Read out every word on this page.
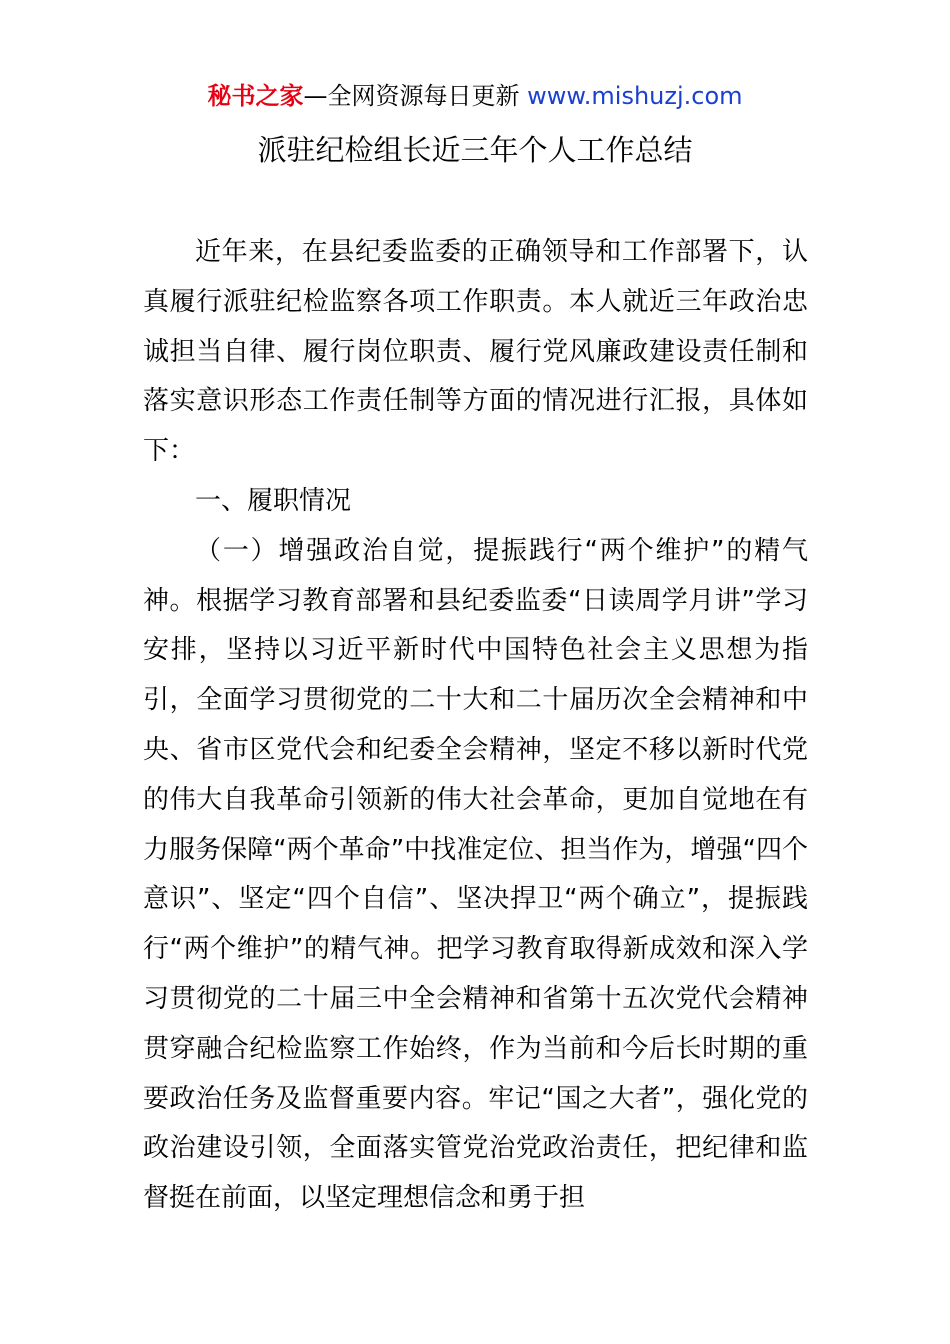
秘书之家—全网资源每日更新 www.mishuzj.com
派驻纪检组长近三年个人工作总结

近年来，在县纪委监委的正确领导和工作部署下，认真履行派驻纪检监察各项工作职责。本人就近三年政治忠诚担当自律、履行岗位职责、履行党风廉政建设责任制和落实意识形态工作责任制等方面的情况进行汇报，具体如下：

一、履职情况

（一）增强政治自觉，提振践行“两个维护”的精气神。根据学习教育部署和县纪委监委“日读周学月讲”学习安排，坚持以习近平新时代中国特色社会主义思想为指引，全面学习贯彻党的二十大和二十届历次全会精神和中央、省市区党代会和纪委全会精神，坚定不移以新时代党的伟大自我革命引领新的伟大社会革命，更加自觉地在有力服务保障“两个革命”中找准定位、担当作为，增强“四个意识”、坚定“四个自信”、坚决捍卫“两个确立”，提振践行“两个维护”的精气神。把学习教育取得新成效和深入学习贯彻党的二十届三中全会精神和省第十五次党代会精神贯穿融合纪检监察工作始终，作为当前和今后长时期的重要政治任务及监督重要内容。牢记“国之大者”，强化党的政治建设引领，全面落实管党治党政治责任，把纪律和监督挺在前面，以坚定理想信念和勇于担
